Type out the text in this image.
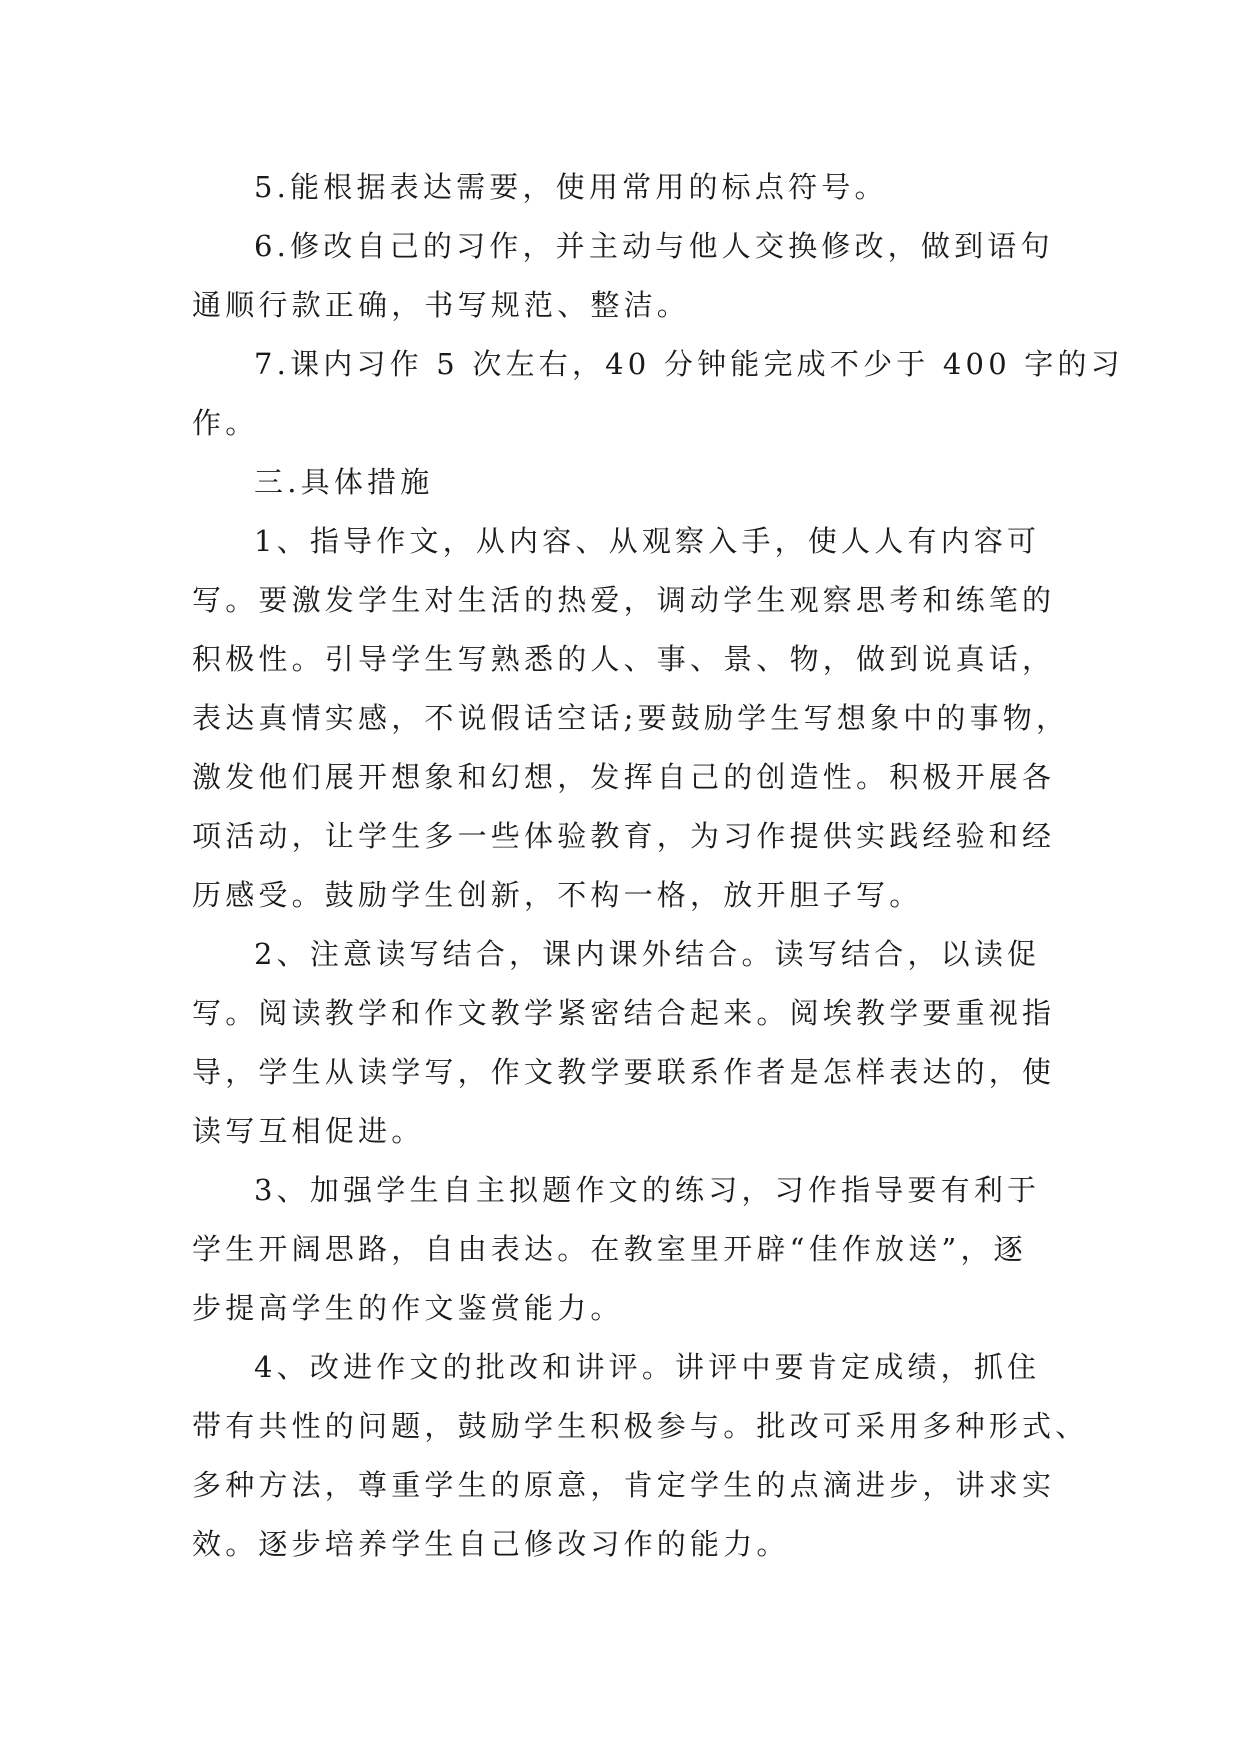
5.能根据表达需要，使用常用的标点符号。
6.修改自己的习作，并主动与他人交换修改，做到语句
通顺行款正确，书写规范、整洁。
7.课内习作 5 次左右，40 分钟能完成不少于 400 字的习
作。
三.具体措施
1、指导作文，从内容、从观察入手，使人人有内容可
写。要激发学生对生活的热爱，调动学生观察思考和练笔的
积极性。引导学生写熟悉的人、事、景、物，做到说真话，
表达真情实感，不说假话空话;要鼓励学生写想象中的事物，
激发他们展开想象和幻想，发挥自己的创造性。积极开展各
项活动，让学生多一些体验教育，为习作提供实践经验和经
历感受。鼓励学生创新，不构一格，放开胆子写。
2、注意读写结合，课内课外结合。读写结合，以读促
写。阅读教学和作文教学紧密结合起来。阅埃教学要重视指
导，学生从读学写，作文教学要联系作者是怎样表达的，使
读写互相促进。
3、加强学生自主拟题作文的练习，习作指导要有利于
学生开阔思路，自由表达。在教室里开辟“佳作放送”，逐
步提高学生的作文鉴赏能力。
4、改进作文的批改和讲评。讲评中要肯定成绩，抓住
带有共性的问题，鼓励学生积极参与。批改可采用多种形式、
多种方法，尊重学生的原意，肯定学生的点滴进步，讲求实
效。逐步培养学生自己修改习作的能力。
